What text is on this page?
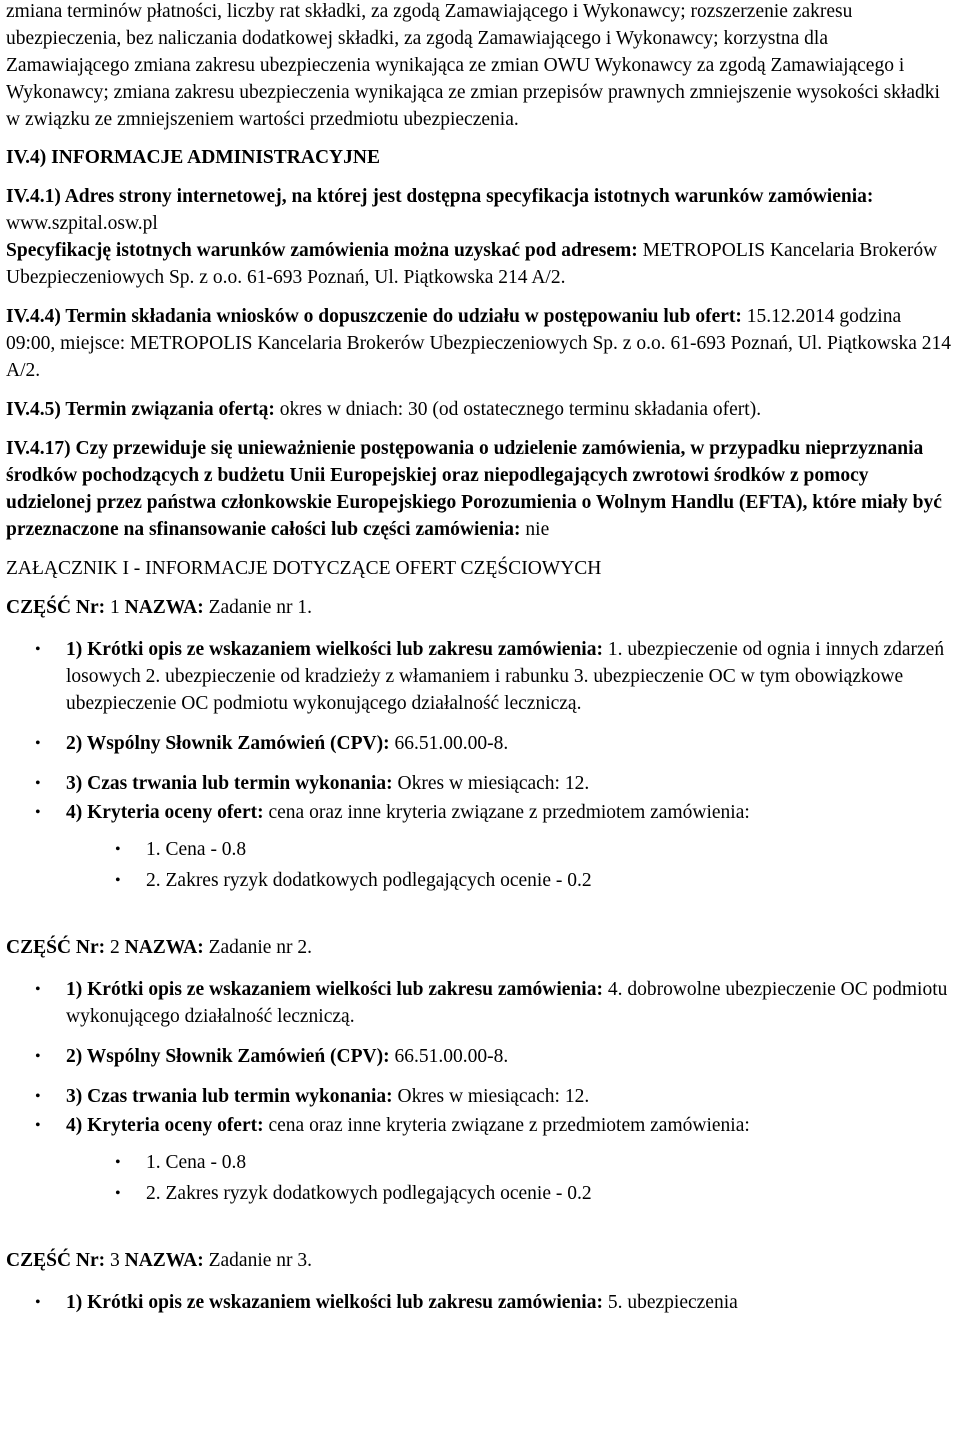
zmiana terminów płatności, liczby rat składki, za zgodą Zamawiającego i Wykonawcy; rozszerzenie zakresu ubezpieczenia, bez naliczania dodatkowej składki, za zgodą Zamawiającego i Wykonawcy; korzystna dla Zamawiającego zmiana zakresu ubezpieczenia wynikająca ze zmian OWU Wykonawcy za zgodą Zamawiającego i Wykonawcy; zmiana zakresu ubezpieczenia wynikająca ze zmian przepisów prawnych zmniejszenie wysokości składki w związku ze zmniejszeniem wartości przedmiotu ubezpieczenia.

IV.4) INFORMACJE ADMINISTRACYJNE

IV.4.1) Adres strony internetowej, na której jest dostępna specyfikacja istotnych warunków zamówienia: www.szpital.osw.pl

Specyfikację istotnych warunków zamówienia można uzyskać pod adresem: METROPOLIS Kancelaria Brokerów Ubezpieczeniowych Sp. z o.o. 61-693 Poznań, Ul. Piątkowska 214 A/2.

IV.4.4) Termin składania wniosków o dopuszczenie do udziału w postępowaniu lub ofert: 15.12.2014 godzina 09:00, miejsce: METROPOLIS Kancelaria Brokerów Ubezpieczeniowych Sp. z o.o. 61-693 Poznań, Ul. Piątkowska 214 A/2.

IV.4.5) Termin związania ofertą: okres w dniach: 30 (od ostatecznego terminu składania ofert).

IV.4.17) Czy przewiduje się unieważnienie postępowania o udzielenie zamówienia, w przypadku nieprzyznania środków pochodzących z budżetu Unii Europejskiej oraz niepodlegających zwrotowi środków z pomocy udzielonej przez państwa członkowskie Europejskiego Porozumienia o Wolnym Handlu (EFTA), które miały być przeznaczone na sfinansowanie całości lub części zamówienia: nie

ZAŁĄCZNIK I - INFORMACJE DOTYCZĄCE OFERT CZĘŚCIOWYCH

CZĘŚĆ Nr: 1 NAZWA: Zadanie nr 1.

• 1) Krótki opis ze wskazaniem wielkości lub zakresu zamówienia: 1. ubezpieczenie od ognia i innych zdarzeń losowych 2. ubezpieczenie od kradzieży z włamaniem i rabunku 3. ubezpieczenie OC w tym obowiązkowe ubezpieczenie OC podmiotu wykonującego działalność leczniczą.
• 2) Wspólny Słownik Zamówień (CPV): 66.51.00.00-8.
• 3) Czas trwania lub termin wykonania: Okres w miesiącach: 12.
• 4) Kryteria oceny ofert: cena oraz inne kryteria związane z przedmiotem zamówienia:
• 1. Cena - 0.8
• 2. Zakres ryzyk dodatkowych podlegających ocenie - 0.2

CZĘŚĆ Nr: 2 NAZWA: Zadanie nr 2.

• 1) Krótki opis ze wskazaniem wielkości lub zakresu zamówienia: 4. dobrowolne ubezpieczenie OC podmiotu wykonującego działalność leczniczą.
• 2) Wspólny Słownik Zamówień (CPV): 66.51.00.00-8.
• 3) Czas trwania lub termin wykonania: Okres w miesiącach: 12.
• 4) Kryteria oceny ofert: cena oraz inne kryteria związane z przedmiotem zamówienia:
• 1. Cena - 0.8
• 2. Zakres ryzyk dodatkowych podlegających ocenie - 0.2

CZĘŚĆ Nr: 3 NAZWA: Zadanie nr 3.

• 1) Krótki opis ze wskazaniem wielkości lub zakresu zamówienia: 5. ubezpieczenia
